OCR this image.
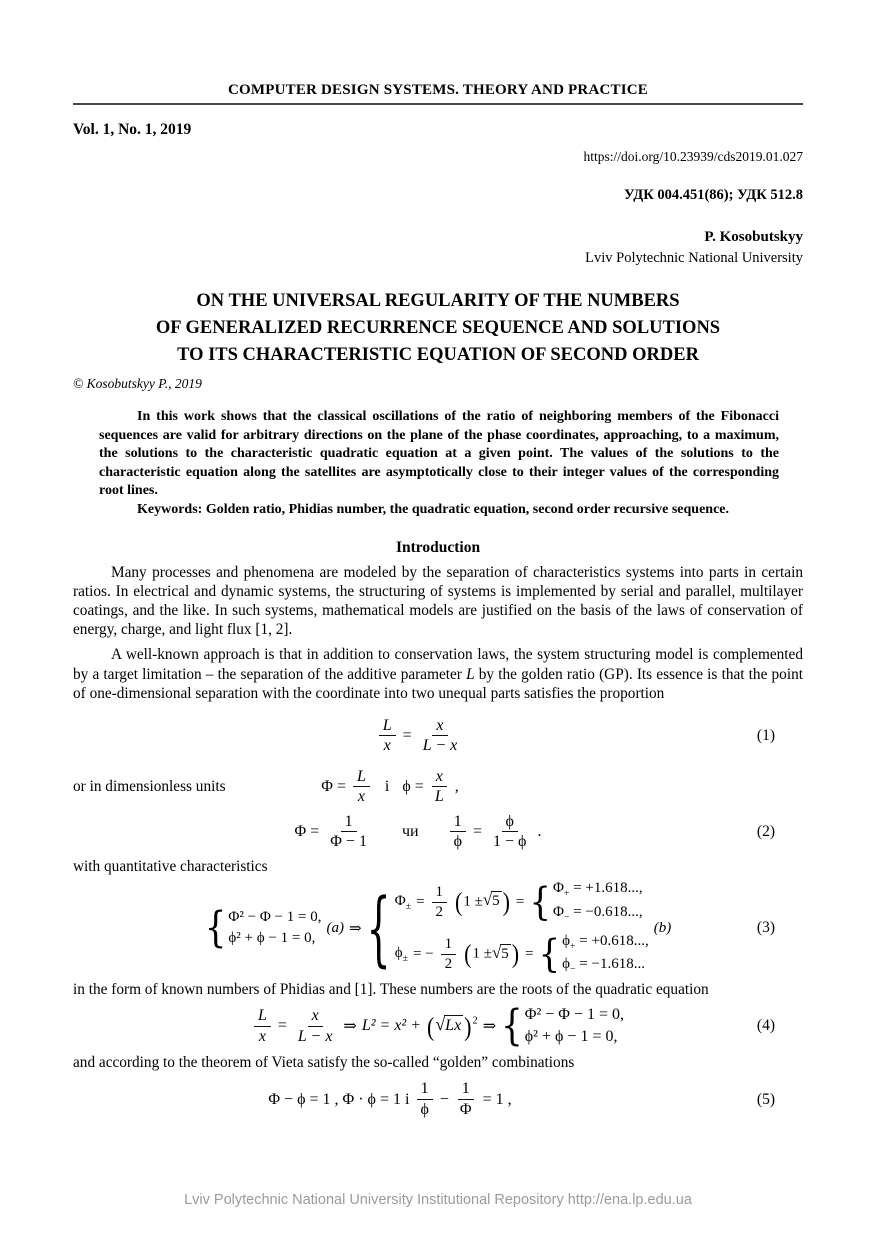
COMPUTER DESIGN SYSTEMS. THEORY AND PRACTICE
Vol. 1, No. 1, 2019
https://doi.org/10.23939/cds2019.01.027
УДК 004.451(86); УДК 512.8
P. Kosobutskyy
Lviv Polytechnic National University
ON THE UNIVERSAL REGULARITY OF THE NUMBERS
OF GENERALIZED RECURRENCE SEQUENCE AND SOLUTIONS
TO ITS CHARACTERISTIC EQUATION OF SECOND ORDER
© Kosobutskyy P., 2019

In this work shows that the classical oscillations of the ratio of neighboring members of the Fibonacci sequences are valid for arbitrary directions on the plane of the phase coordinates, approaching, to a maximum, the solutions to the characteristic quadratic equation at a given point. The values of the solutions to the characteristic equation along the satellites are asymptotically close to their integer values of the corresponding root lines.

Keywords: Golden ratio, Phidias number, the quadratic equation, second order recursive sequence.

Introduction

Many processes and phenomena are modeled by the separation of characteristics systems into parts in certain ratios. In electrical and dynamic systems, the structuring of systems is implemented by serial and parallel, multilayer coatings, and the like. In such systems, mathematical models are justified on the basis of the laws of conservation of energy, charge, and light flux [1, 2].

A well-known approach is that in addition to conservation laws, the system structuring model is complemented by a target limitation – the separation of the additive parameter L by the golden ratio (GP). Its essence is that the point of one-dimensional separation with the coordinate into two unequal parts satisfies the proportion

$\frac{L}{x} = \frac{x}{L - x}$	(1)
or in dimensionless units	$\Phi = \frac{L}{x}$ і $\phi = \frac{x}{L}$ ,
$\Phi = \frac{1}{\Phi - 1}$ чи $\frac{1}{\phi} = \frac{\phi}{1 - \phi}$ .	(2)

with quantitative characteristics

{ Φ² − Φ − 1 = 0,
ϕ² + ϕ − 1 = 0,
(a) ⇒ { $\Phi_\pm = \frac{1}{2} (1$ ± √ 5 ) = { $\Phi_+ = +1.618$...,
$\Phi_- = -0.618$...,
$\phi_\pm$ = − $\frac{1}{2} (1$ ± √ 5 ) = { $\phi_+ = +0.618$...,
$\phi_- = -1.618$...
(b)	(3)

in the form of known numbers of Phidias and [1]. These numbers are the roots of the quadratic equation

$\frac{L}{x} = \frac{x}{L - x}$ ⇒ L² = x² + ( √ Lx )$^2$ ⇒ { Φ² − Φ − 1 = 0,
ϕ² + ϕ − 1 = 0,
(4)

and according to the theorem of Vieta satisfy the so-called “golden” combinations

Φ − ϕ = 1 , Φ · ϕ = 1 і $\frac{1}{\phi} - \frac{1}{\Phi} = 1$ ,	(5)
Lviv Polytechnic National University Institutional Repository http://ena.lp.edu.ua
